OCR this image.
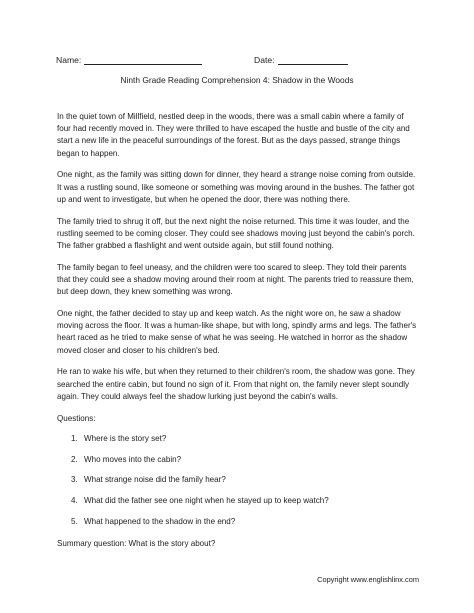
Name:	Date:
Ninth Grade Reading Comprehension 4: Shadow in the Woods

In the quiet town of Millfield, nestled deep in the woods, there was a small cabin where a family of four had recently moved in. They were thrilled to have escaped the hustle and bustle of the city and start a new life in the peaceful surroundings of the forest. But as the days passed, strange things began to happen.

One night, as the family was sitting down for dinner, they heard a strange noise coming from outside. It was a rustling sound, like someone or something was moving around in the bushes. The father got up and went to investigate, but when he opened the door, there was nothing there.

The family tried to shrug it off, but the next night the noise returned. This time it was louder, and the rustling seemed to be coming closer. They could see shadows moving just beyond the cabin's porch. The father grabbed a flashlight and went outside again, but still found nothing.

The family began to feel uneasy, and the children were too scared to sleep. They told their parents that they could see a shadow moving around their room at night. The parents tried to reassure them, but deep down, they knew something was wrong.

One night, the father decided to stay up and keep watch. As the night wore on, he saw a shadow moving across the floor. It was a human-like shape, but with long, spindly arms and legs. The father's heart raced as he tried to make sense of what he was seeing. He watched in horror as the shadow moved closer and closer to his children's bed.

He ran to wake his wife, but when they returned to their children's room, the shadow was gone. They searched the entire cabin, but found no sign of it. From that night on, the family never slept soundly again. They could always feel the shadow lurking just beyond the cabin's walls.

Questions:
1. Where is the story set?
2. Who moves into the cabin?
3. What strange noise did the family hear?
4. What did the father see one night when he stayed up to keep watch?
5. What happened to the shadow in the end?
Summary question: What is the story about?
Copyright www.englishlinx.com
